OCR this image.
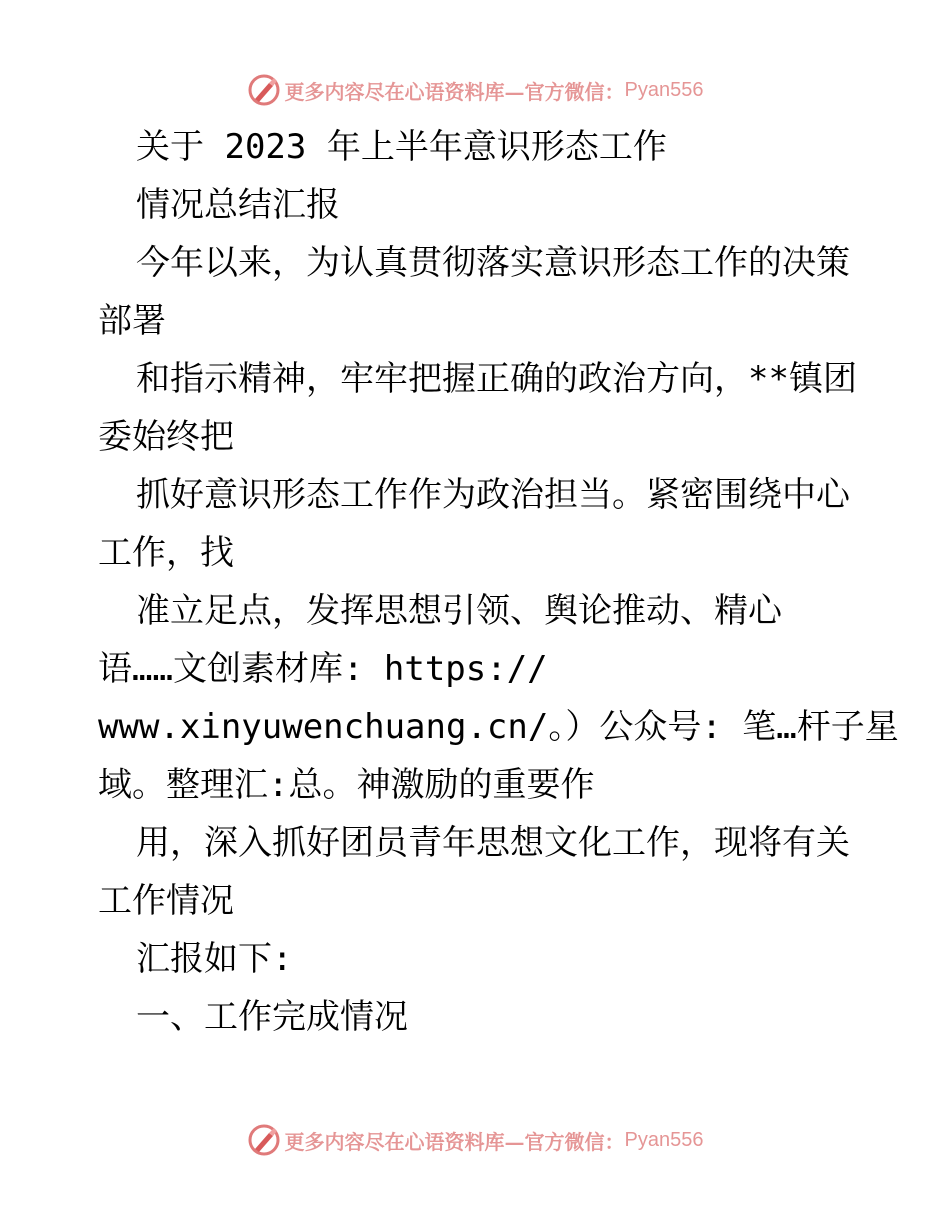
更多内容尽在心语资料库—官方微信： Pyan556
关于 2023 年上半年意识形态工作
情况总结汇报
今年以来，为认真贯彻落实意识形态工作的决策
部署
和指示精神，牢牢把握正确的政治方向，**镇团
委始终把
抓好意识形态工作作为政治担当。紧密围绕中心
工作，找
准立足点，发挥思想引领、舆论推动、精心
语……文创素材库: https://
www.xinyuwenchuang.cn/。）公众号: 笔…杆子星
域。整理汇:总。神激励的重要作
用，深入抓好团员青年思想文化工作，现将有关
工作情况
汇报如下:
一、工作完成情况
更多内容尽在心语资料库—官方微信： Pyan556
